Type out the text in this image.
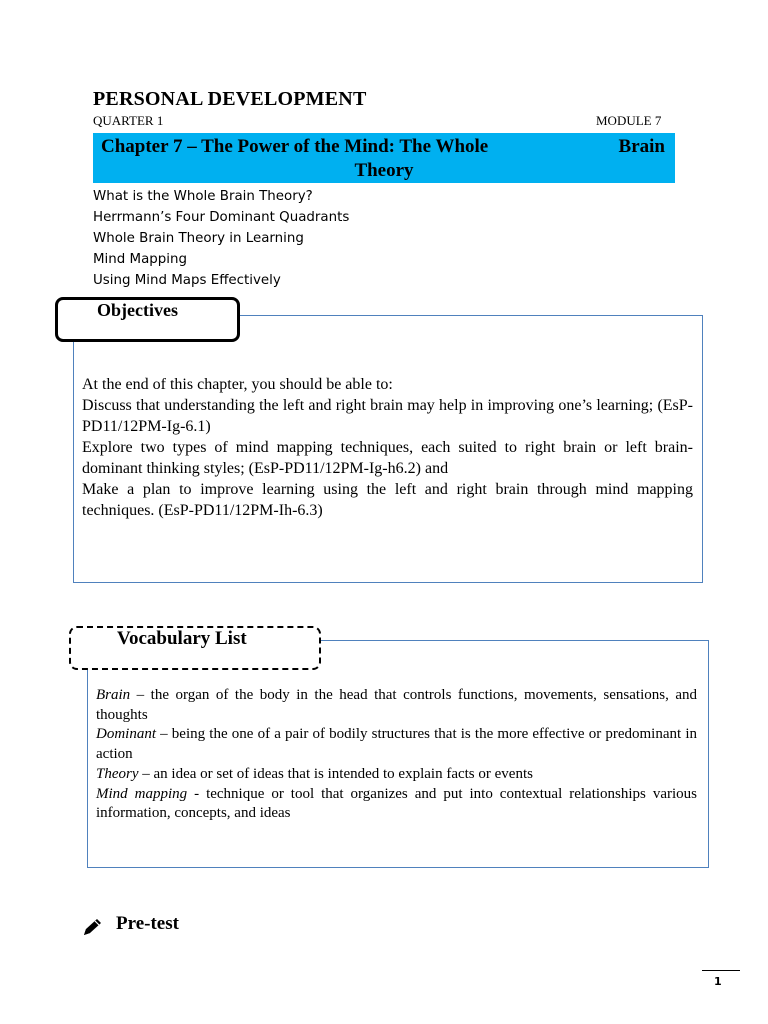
PERSONAL DEVELOPMENT
QUARTER 1	MODULE 7
Chapter 7 – The Power of the Mind: The Whole	Brain
Theory
What is the Whole Brain Theory?
Herrmann’s Four Dominant Quadrants
Whole Brain Theory in Learning
Mind Mapping
Using Mind Maps Effectively
Objectives

At the end of this chapter, you should be able to:

Discuss that understanding the left and right brain may help in improving one’s learning; (EsP-PD11/12PM-Ig-6.1)

Explore two types of mind mapping techniques, each suited to right brain or left brain-dominant thinking styles; (EsP-PD11/12PM-Ig-h6.2) and

Make a plan to improve learning using the left and right brain through mind mapping techniques. (EsP-PD11/12PM-Ih-6.3)

Vocabulary List

Brain – the organ of the body in the head that controls functions, movements, sensations, and thoughts

Dominant – being the one of a pair of bodily structures that is the more effective or predominant in action

Theory – an idea or set of ideas that is intended to explain facts or events

Mind mapping - technique or tool that organizes and put into contextual relationships various information, concepts, and ideas

Pre-test
1
